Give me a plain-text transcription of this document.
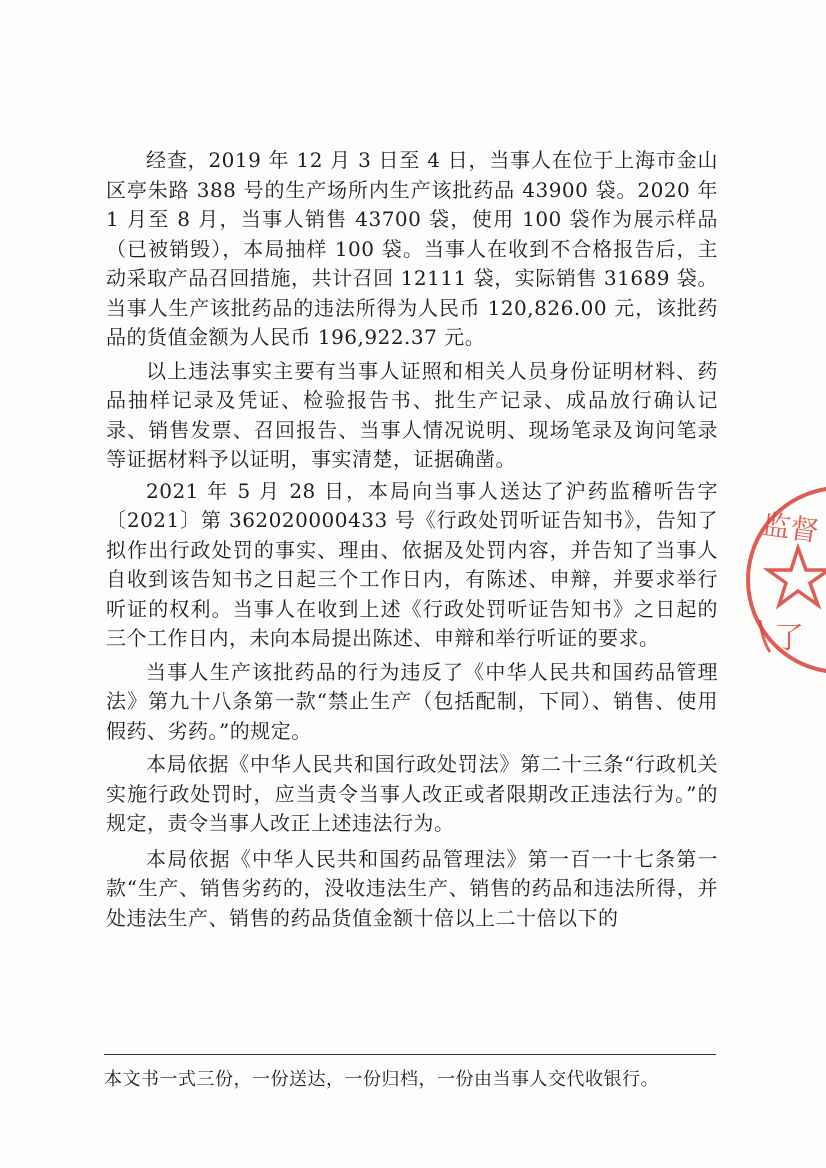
经查，2019 年 12 月 3 日至 4 日，当事人在位于上海市金山区亭朱路 388 号的生产场所内生产该批药品 43900 袋。2020 年 1 月至 8 月，当事人销售 43700 袋，使用 100 袋作为展示样品（已被销毁），本局抽样 100 袋。当事人在收到不合格报告后，主动采取产品召回措施，共计召回 12111 袋，实际销售 31689 袋。当事人生产该批药品的违法所得为人民币 120,826.00 元，该批药品的货值金额为人民币 196,922.37 元。

以上违法事实主要有当事人证照和相关人员身份证明材料、药品抽样记录及凭证、检验报告书、批生产记录、成品放行确认记录、销售发票、召回报告、当事人情况说明、现场笔录及询问笔录等证据材料予以证明，事实清楚，证据确凿。

2021 年 5 月 28 日，本局向当事人送达了沪药监稽听告字〔2021〕第 362020000433 号《行政处罚听证告知书》，告知了拟作出行政处罚的事实、理由、依据及处罚内容，并告知了当事人自收到该告知书之日起三个工作日内，有陈述、申辩，并要求举行听证的权利。当事人在收到上述《行政处罚听证告知书》之日起的三个工作日内，未向本局提出陈述、申辩和举行听证的要求。

当事人生产该批药品的行为违反了《中华人民共和国药品管理法》第九十八条第一款“禁止生产（包括配制，下同）、销售、使用假药、劣药。”的规定。

本局依据《中华人民共和国行政处罚法》第二十三条“行政机关实施行政处罚时，应当责令当事人改正或者限期改正违法行为。”的规定，责令当事人改正上述违法行为。

本局依据《中华人民共和国药品管理法》第一百一十七条第一款“生产、销售劣药的，没收违法生产、销售的药品和违法所得，并处违法生产、销售的药品货值金额十倍以上二十倍以下的

监督
了
本文书一式三份，一份送达，一份归档，一份由当事人交代收银行。
